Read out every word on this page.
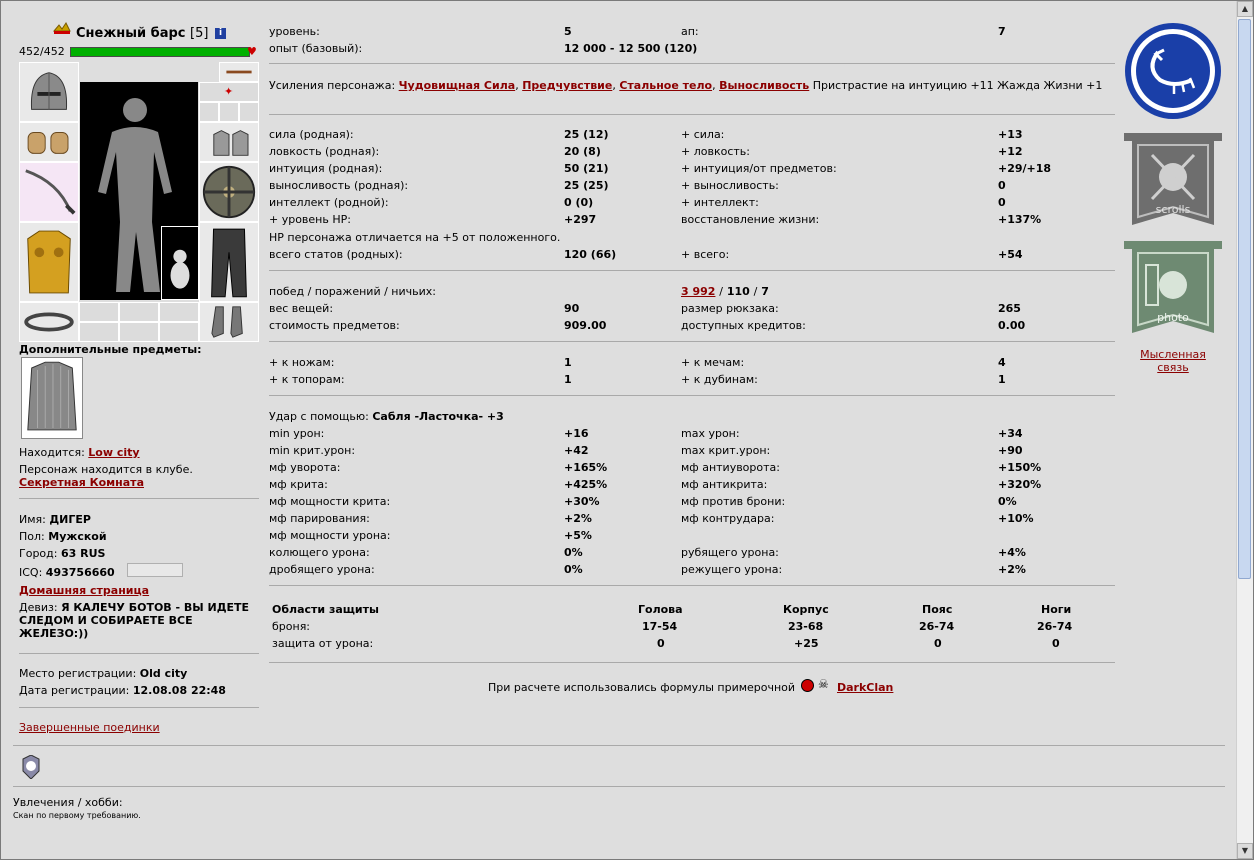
Снежный барс [5]	i
452/452	♥
✦
Дополнительные предметы:
Находится: Low city
Персонаж находится в клубе.
Секретная Комната
Имя: ДИГЕР
Пол: Мужской
Город: 63 RUS
ICQ: 493756660
Домашняя страница
Девиз: Я КАЛЕЧУ БОТОВ - ВЫ ИДЕТЕ СЛЕДОМ И СОБИРАЕТЕ ВСЕ ЖЕЛЕЗО:))
Место регистрации: Old city
Дата регистрации: 12.08.08 22:48
Завершенные поединки
уровень:	5	ап:	7
опыт (базовый):	12 000 - 12 500 (120)
Усиления персонажа: Чудовищная Сила, Предчувствие, Стальное тело, Выносливость Пристрастие на интуицию +11 Жажда Жизни +1
сила (родная):	25 (12)	+ сила:	+13
ловкость (родная):	20 (8)	+ ловкость:	+12
интуиция (родная):	50 (21)	+ интуиция/от предметов:	+29/+18
выносливость (родная):	25 (25)	+ выносливость:	0
интеллект (родной):	0 (0)	+ интеллект:	0
+ уровень HP:	+297	восстановление жизни:	+137%
HP персонажа отличается на +5 от положенного.
всего статов (родных):	120 (66)	+ всего:	+54
побед / поражений / ничьих:	3 992 / 110 / 7
вес вещей:	90	размер рюкзака:	265
стоимость предметов:	909.00	доступных кредитов:	0.00
+ к ножам:	1	+ к мечам:	4
+ к топорам:	1	+ к дубинам:	1
Удар с помощью: Сабля -Ласточка- +3
min урон:	+16	max урон:	+34
min крит.урон:	+42	max крит.урон:	+90
мф уворота:	+165%	мф антиуворота:	+150%
мф крита:	+425%	мф антикрита:	+320%
мф мощности крита:	+30%	мф против брони:	0%
мф парирования:	+2%	мф контрудара:	+10%
мф мощности урона:	+5%
колющего урона:	0%	рубящего урона:	+4%
дробящего урона:	0%	режущего урона:	+2%
Области защиты	Голова	Корпус	Пояс	Ноги
броня:	17-54	23-68	26-74	26-74
защита от урона:	0	+25	0	0
При расчете использовались формулы примерочной ☠ DarkClan
scrolls
photo
Мысленная связь
Увлечения / хобби:
Скан по первому требованию.
▲
▼
